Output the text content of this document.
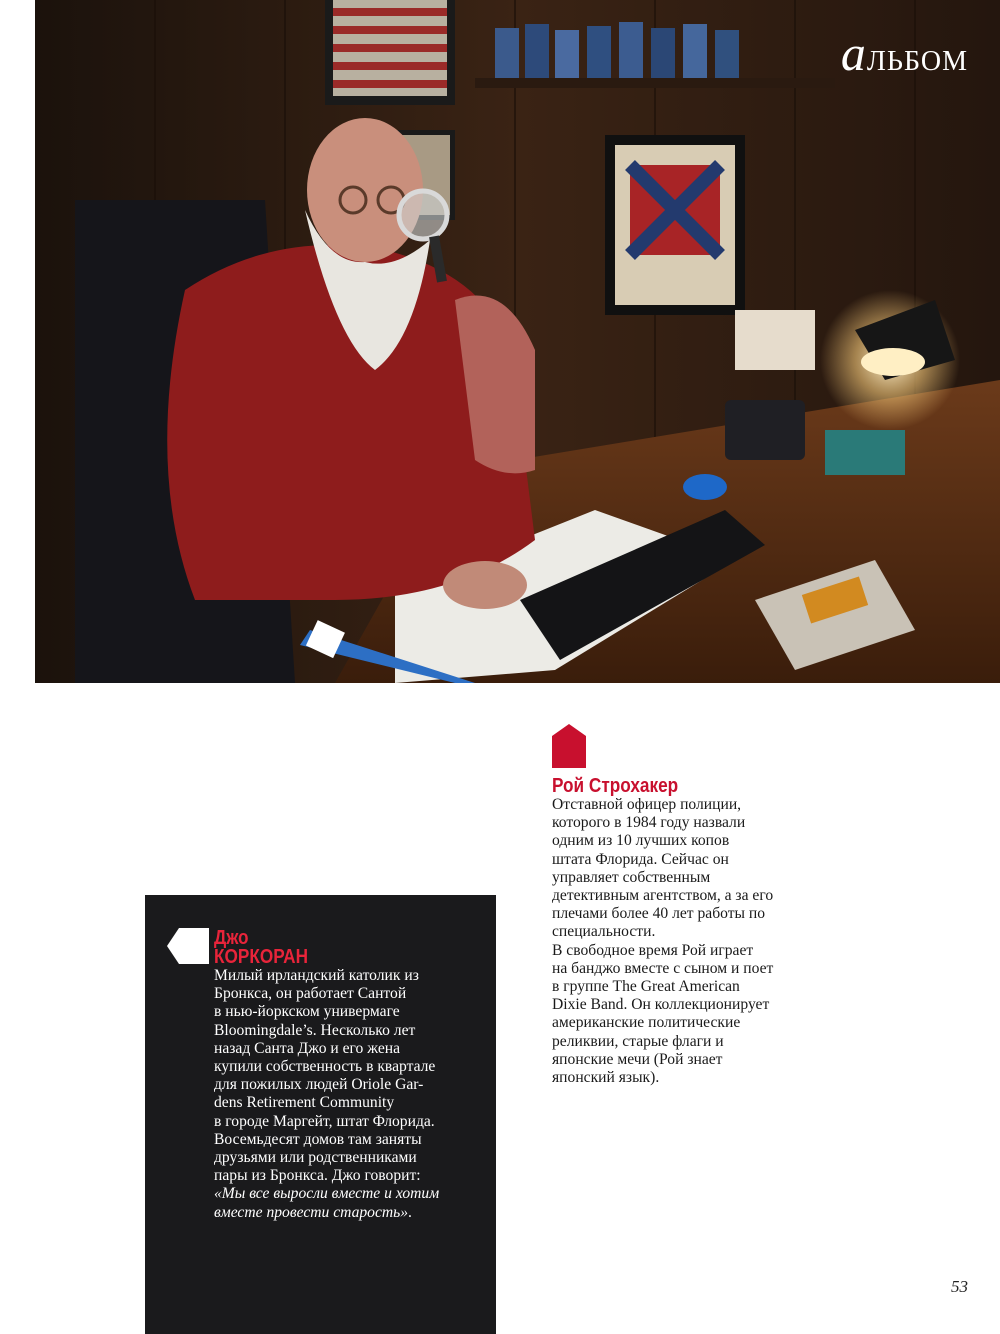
альбом
Рой Строхакер

Отставной офицер полиции,

которого в 1984 году назвали

одним из 10 лучших копов

штата Флорида. Сейчас он

управляет собственным

детективным агентством, а за его

плечами более 40 лет работы по

специальности.

В свободное время Рой играет

на банджо вместе с сыном и поет

в группе The Great American

Dixie Band. Он коллекционирует

американские политические

реликвии, старые флаги и

японские мечи (Рой знает

японский язык).

Джо
КОРКОРАН
Милый ирландский католик из
Бронкса, он работает Сантой
в нью-йоркском универмаге
Bloomingdale’s. Несколько лет
назад Санта Джо и его жена
купили собственность в квартале
для пожилых людей Oriole Gar-
dens Retirement Community
в городе Маргейт, штат Флорида.
Восемьдесят домов там заняты
друзьями или родственниками
пары из Бронкса. Джо говорит:
«Мы все выросли вместе и хотим
вместе провести старость».
53
